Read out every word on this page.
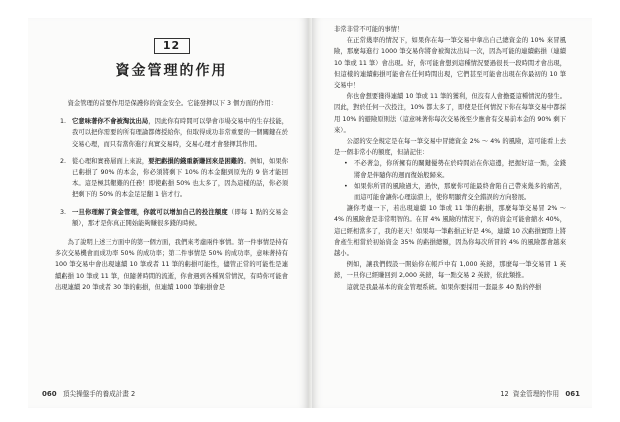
12
資金管理的作用

資金管理的首要作用是保護你的資金安全。它能發揮以下 3 個方面的作用：

1. 它意味著你不會被淘汰出局，因此你有時間可以學會市場交易中的生存技能，我可以把你需要的所有理論都傳授給你，但取得成功非常重要的一個關鍵在於交易心理，而只有當你進行真實交易時，交易心理才會發揮其作用。
2. 從心理和實務層面上來說，要把虧損的錢重新賺回來是困難的。例如，如果你已虧損了 90% 的本金，你必須將剩下 10% 的本金翻到原先的 9 倍才能回本。這是極其艱難的任務！即使虧損 50% 也太多了，因為這樣的話，你必須把剩下的 50% 的本金足足翻 1 倍才行。
3. 一旦你理解了資金管理，你就可以增加自己的投注額度（即每 1 點的交易金額），那才是你真正開始能夠賺很多錢的時候。

為了說明上述三方面中的第一個方面，我們來考慮兩件事情。第一件事情是持有多次交易機會而成功率 50% 的成功率；第二件事情是 50% 的成功率，意味著持有 100 筆交易中會出現連續 10 筆或者 11 筆的虧損可能性，儘管正常的可能性是連續虧損 10 筆或 11 筆，但隨著時間的流逝，你會遇到各種異常情況，有時你可能會出現連續 20 筆或者 30 筆的虧損，但連續 1000 筆虧損會是

060 頂尖操盤手的養成計畫 2

非常非常不可能的事情！

在正常幾率的情況下，如果你在每一筆交易中拿出自己總資金的 10% 來冒風險，那麼每進行 1000 筆交易你將會被淘汰出局一次，因為可能的連續虧損（連續 10 筆或 11 筆）會出現。好，你可能會想到這種情況要過很長一段時間才會出現，但這樣的連續虧損可能會在任何時間出現，它們甚至可能會出現在你最初的 10 筆交易中！

你也會想要獲得連續 10 筆或 11 筆的獲利，但沒有人會擔憂這種情況的發生。因此，對於任何一次投注，10% 都太多了，即使是任何情況下你在每筆交易中都採用 10% 的避險原則法（這意味著你每次交易後至少應會有交易前本金的 90% 剩下來）。

公認的安全規定是在每一筆交易中冒總資金 2% ～ 4% 的風險，這可能看上去是一個非常小的額度，但請記住：

• 不必著急，你所擁有的關鍵優勢在於時間站在你這邊，把握好這一點，金錢將會是伴隨你的週而復始般歸來。
• 如果你所冒的風險過大，過快，那麼你可能最終會陷自己帶來幾多的痛苦，而這可能會讓你心理崩潰上，使你明顯背交全錯誤的方向發展。

讓你考慮一下，若出現連續 10 筆或 11 筆的虧損，那麼每筆交易冒 2% ～ 4% 的風險會是非常明智的。在冒 4% 風險的情況下，你的資金可能會縮水 40%，這已經相當多了，我的老天！如果每一筆虧損正好是 4%，連續 10 次虧損實際上將會產生相當於初始資金 35% 的虧損總額，因為你每次所冒的 4% 的風險都會越來越小。

例如，讓我們假設一開始你在帳戶中有 1,000 英鎊，那麼每一筆交易冒 1 英鎊，一旦你已經賺回到 2,000 英鎊，每一點交易 2 英鎊，依此類推。

這就是我最基本的資金管理系統。如果你要採用一套最多 40 點的停損

12 資金管理的作用 061
